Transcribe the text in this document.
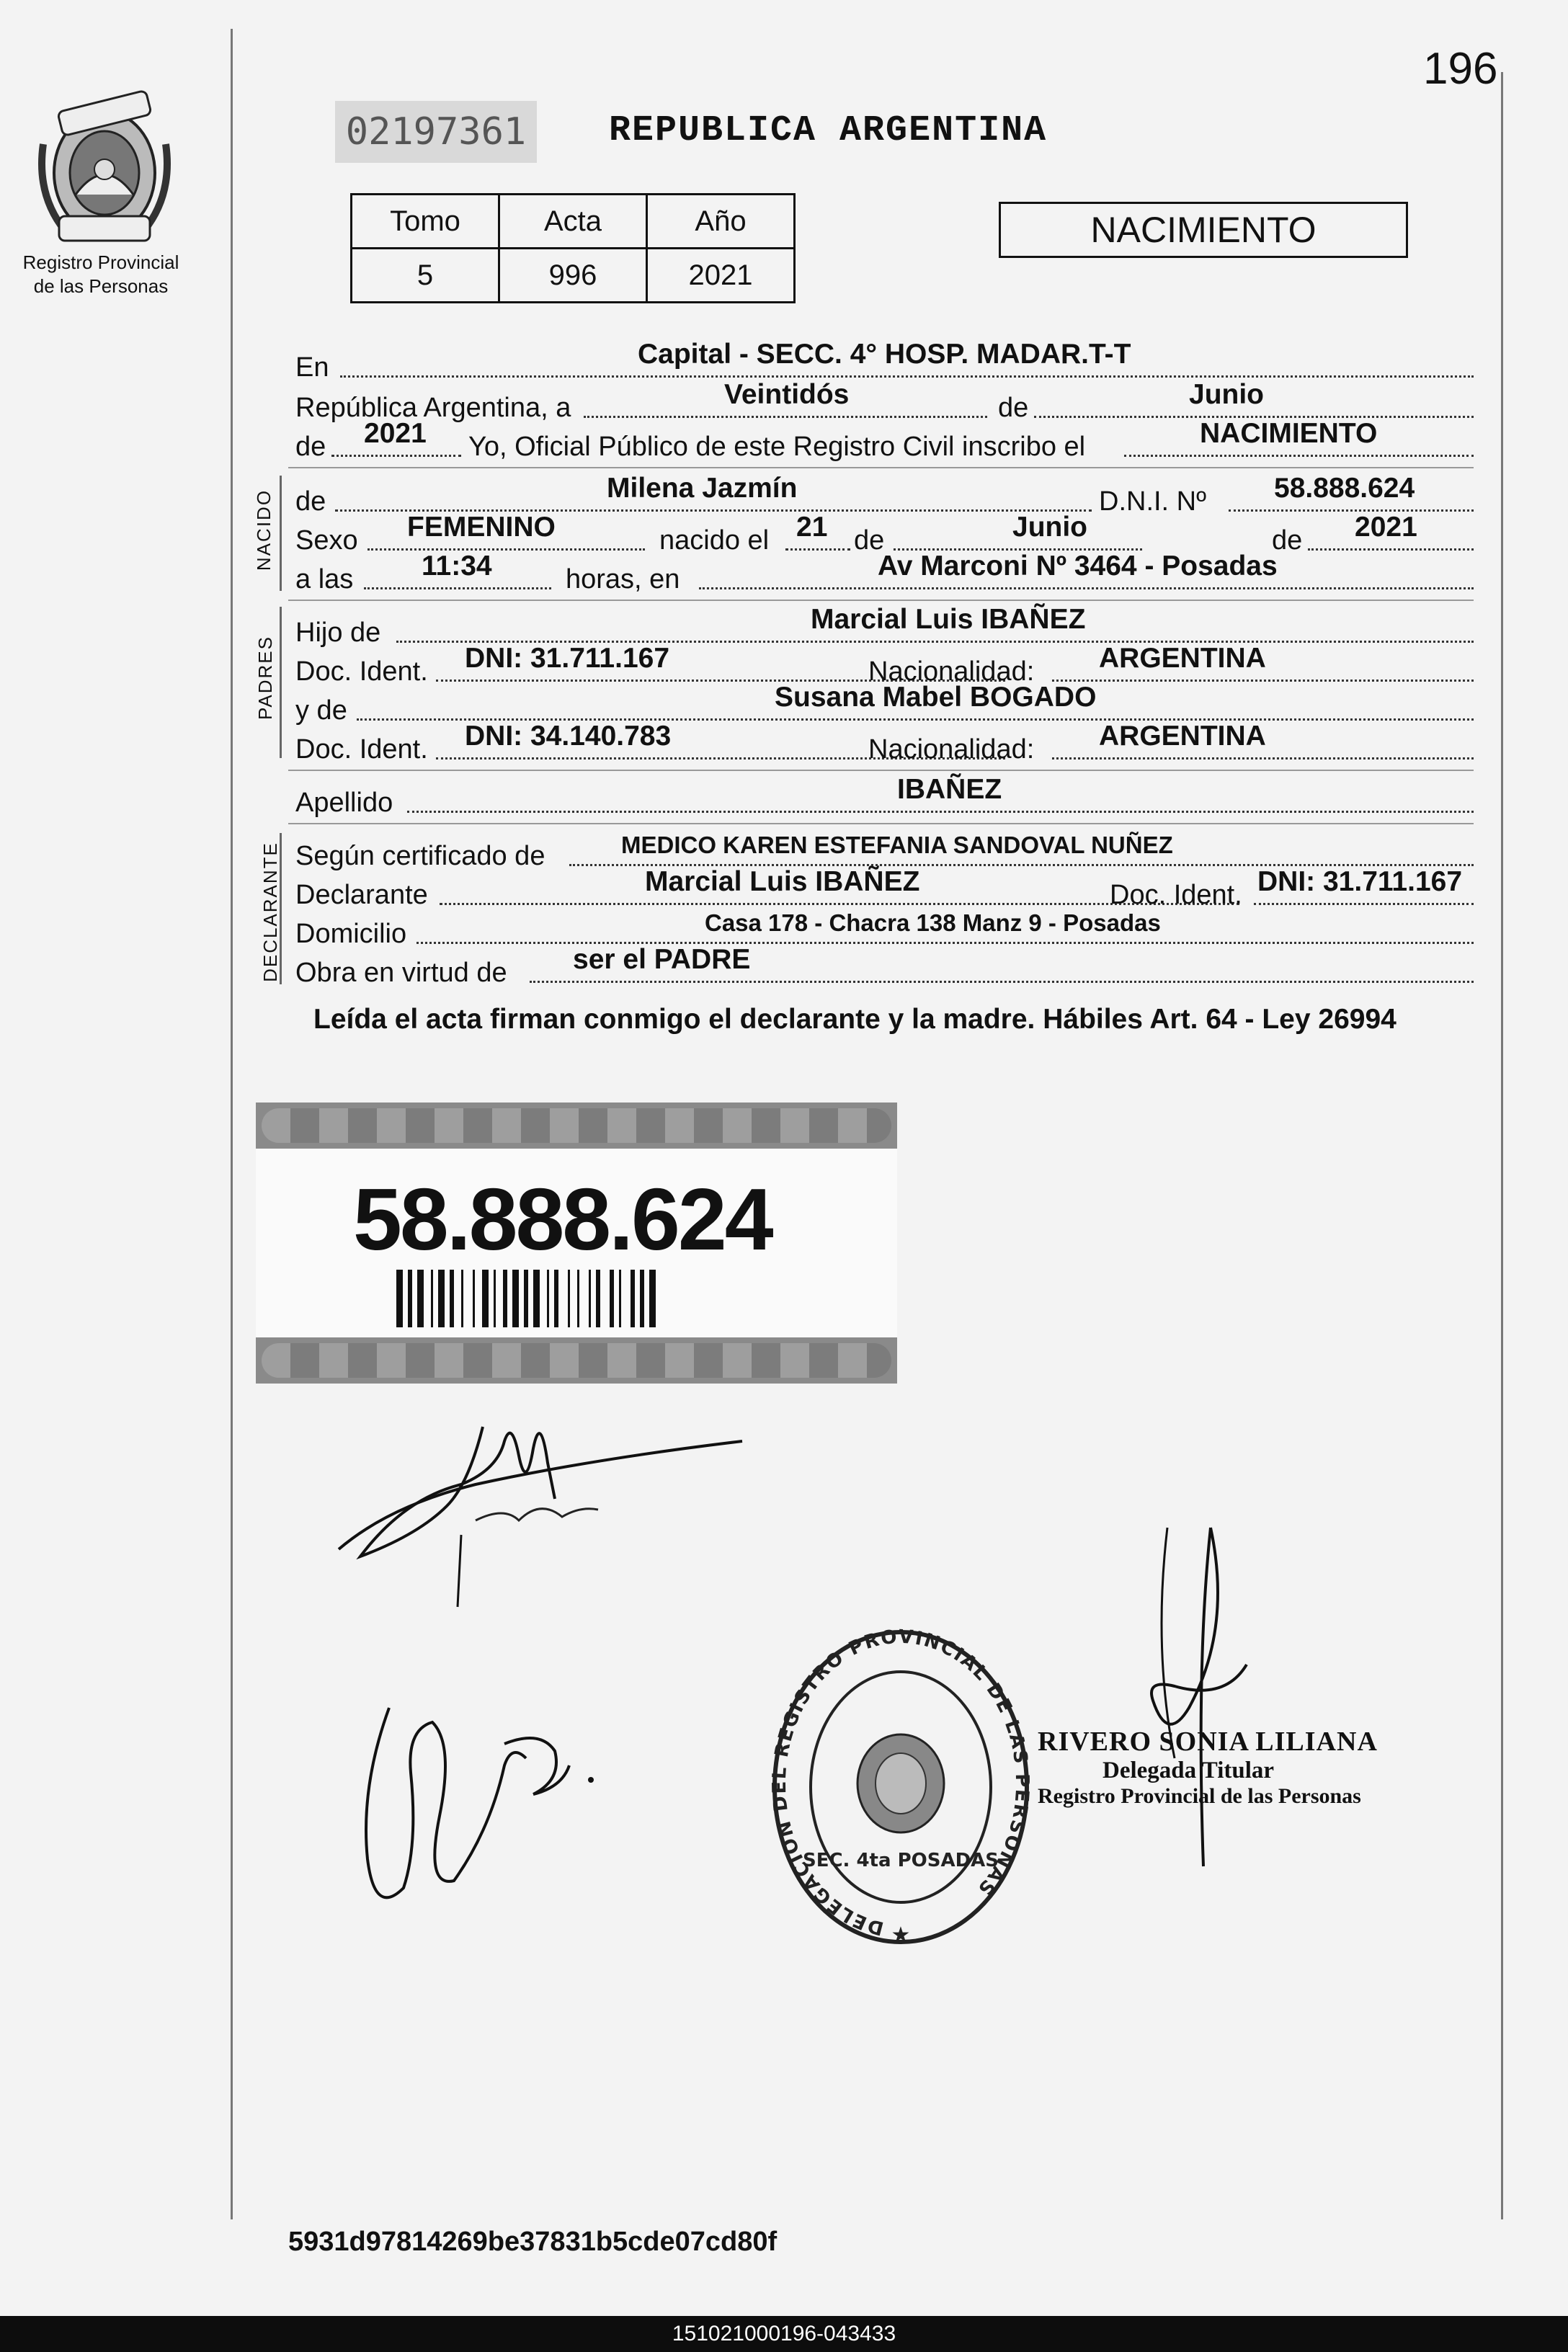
Registro Provincial
de las Personas
02197361 REPUBLICA ARGENTINA
196
Tomo	Acta	Año
5	996	2021
NACIMIENTO
En	Capital - SECC. 4° HOSP. MADAR.T-T
República Argentina, a	Veintidós	de	Junio
de 2021 Yo, Oficial Público de este Registro Civil inscribo el	NACIMIENTO
NACIDO de	Milena Jazmín	D.N.I. Nº 58.888.624
Sexo FEMENINO	nacido el 21 de	Junio	de 2021
a las 11:34	horas, en	Av Marconi Nº 3464 - Posadas
PADRES
Hijo de	Marcial Luis IBAÑEZ
Doc. Ident. DNI: 31.711.167	Nacionalidad: ARGENTINA
y de	Susana Mabel BOGADO
Doc. Ident. DNI: 34.140.783	Nacionalidad: ARGENTINA
Apellido	IBAÑEZ
DECLARANTE Según certificado de	MEDICO KAREN ESTEFANIA SANDOVAL NUÑEZ
Declarante	Marcial Luis IBAÑEZ	Doc. Ident. DNI: 31.711.167
Domicilio	Casa 178 - Chacra 138 Manz 9 - Posadas
Obra en virtud de ser el PADRE
Leída el acta firman conmigo el declarante y la madre. Hábiles Art. 64 - Ley 26994
58.888.624
DELEGACION DEL REGISTRO PROVINCIAL DE LAS PERSONAS
SEC. 4ta POSADAS
★
RIVERO SONIA LILIANA
Delegada Titular
Registro Provincial de las Personas
5931d97814269be37831b5cde07cd80f
151021000196-043433
